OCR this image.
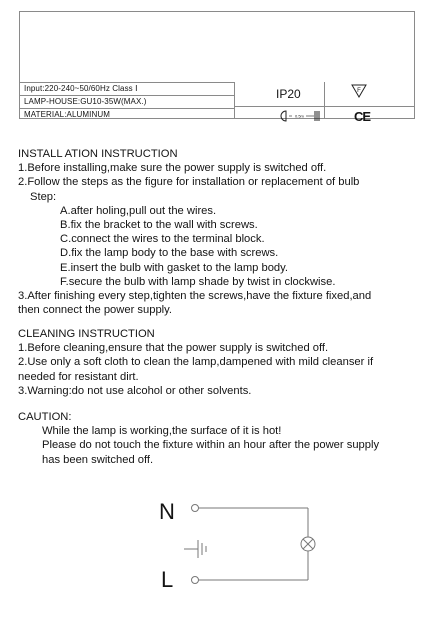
Input:220-240~50/60Hz Class Ⅰ
LAMP-HOUSE:GU10-35W(MAX.)
MATERIAL:ALUMINUM
IP20	F
0.5m	CE
INSTALL ATION INSTRUCTION
1.Before installing,make sure the power supply is switched off.
2.Follow the steps as the figure for installation or replacement of bulb
Step:
A.after holing,pull out the wires.
B.fix the bracket to the wall with screws.
C.connect the wires to the terminal block.
D.fix the lamp body to the base with screws.
E.insert the bulb with gasket to the lamp body.
F.secure the bulb with lamp shade by twist in clockwise.
3.After finishing every step,tighten the screws,have the fixture fixed,and
then connect the power supply.
CLEANING INSTRUCTION
1.Before cleaning,ensure that the power supply is switched off.
2.Use only a soft cloth to clean the lamp,dampened with mild cleanser if
needed for resistant dirt.
3.Warning:do not use alcohol or other solvents.
CAUTION:
While the lamp is working,the surface of it is hot!
Please do not touch the fixture within an hour after the power supply
has been switched off.
N
L
